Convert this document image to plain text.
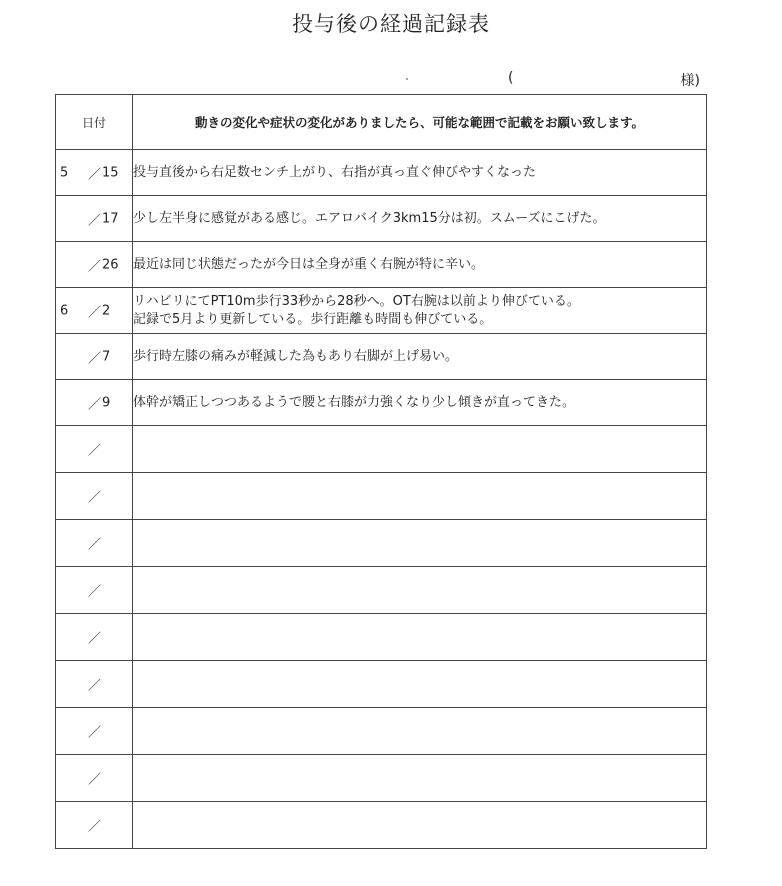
投与後の経過記録表
(	様)
日付	動きの変化や症状の変化がありましたら、可能な範囲で記載をお願い致します。

5 ／ 15	投与直後から右足数センチ上がり、右指が真っ直ぐ伸びやすくなった

／ 17	少し左半身に感覚がある感じ。エアロバイク3km15分は初。スムーズにこげた。

／ 26	最近は同じ状態だったが今日は全身が重く右腕が特に辛い。

6 ／ 2	リハビリにてPT10m歩行33秒から28秒へ。OT右腕は以前より伸びている。
記録で5月より更新している。歩行距離も時間も伸びている。

／ 7	歩行時左膝の痛みが軽減した為もあり右脚が上げ易い。

／ 9	体幹が矯正しつつあるようで腰と右膝が力強くなり少し傾きが直ってきた。

／	

／	

／	

／	

／	

／	

／	

／	

／	
